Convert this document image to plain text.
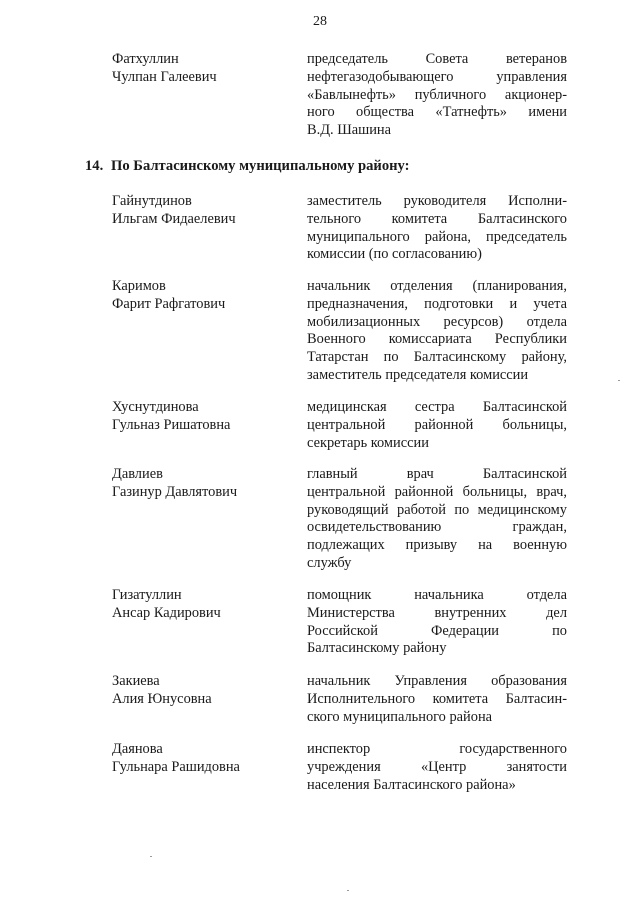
28
Фатхуллин
Чулпан Галеевич
председатель Совета ветеранов
нефтегазодобывающего управления
«Бавлынефть» публичного акционер-
ного общества «Татнефть» имени
В.Д. Шашина
14. По Балтасинскому муниципальному району:
Гайнутдинов
Ильгам Фидаелевич
заместитель руководителя Исполни-
тельного комитета Балтасинского
муниципального района, председатель
комиссии (по согласованию)
Каримов
Фарит Рафгатович
начальник отделения (планирования,
предназначения, подготовки и учета
мобилизационных ресурсов) отдела
Военного комиссариата Республики
Татарстан по Балтасинскому району,
заместитель председателя комиссии
Хуснутдинова
Гульназ Ришатовна
медицинская сестра Балтасинской
центральной районной больницы,
секретарь комиссии
Давлиев
Газинур Давлятович
главный врач Балтасинской
центральной районной больницы, врач,
руководящий работой по медицинскому
освидетельствованию граждан,
подлежащих призыву на военную
службу
Гизатуллин
Ансар Кадирович
помощник начальника отдела
Министерства внутренних дел
Российской Федерации по
Балтасинскому району
Закиева
Алия Юнусовна
начальник Управления образования
Исполнительного комитета Балтасин-
ского муниципального района
Даянова
Гульнара Рашидовна
инспектор государственного
учреждения «Центр занятости
населения Балтасинского района»
